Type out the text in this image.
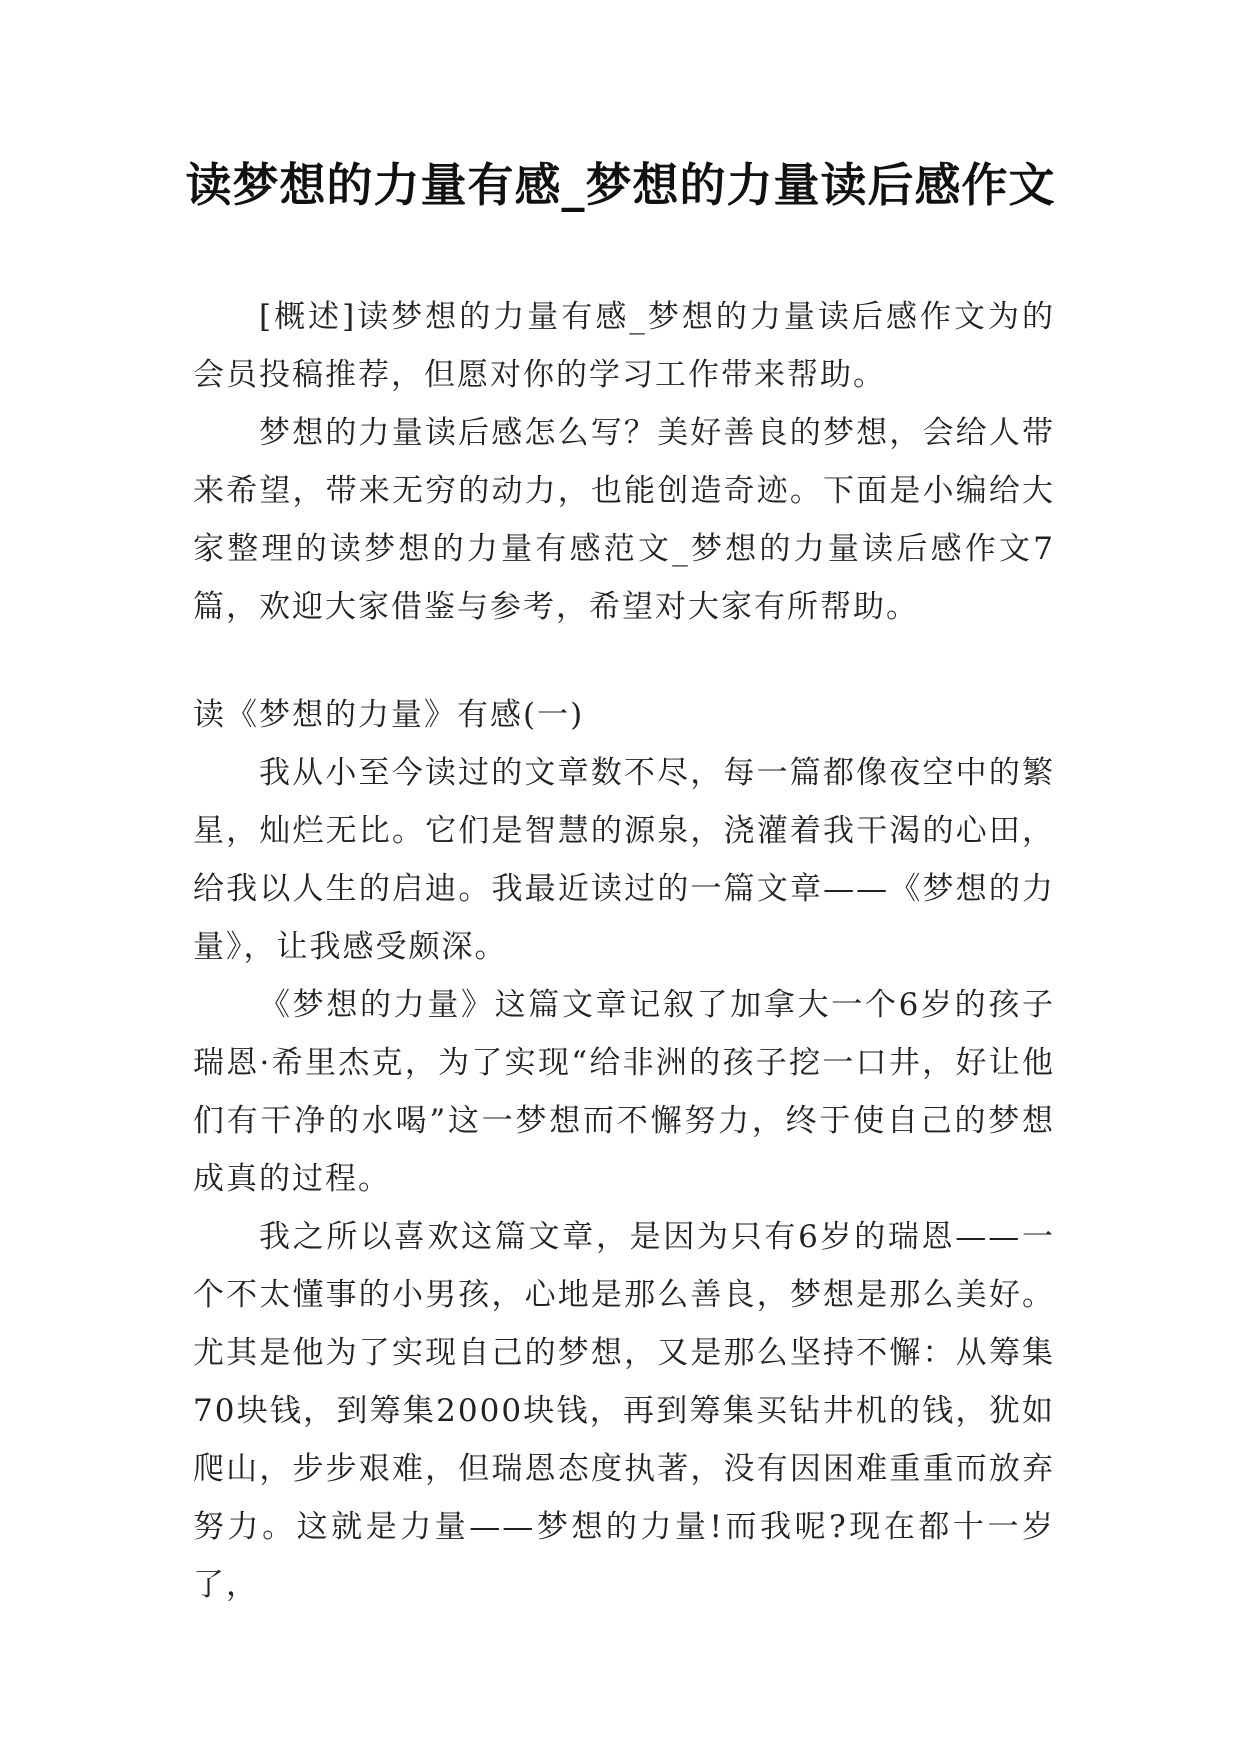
读梦想的力量有感_梦想的力量读后感作文

[概述]读梦想的力量有感_梦想的力量读后感作文为的会员投稿推荐，但愿对你的学习工作带来帮助。

梦想的力量读后感怎么写？美好善良的梦想，会给人带来希望，带来无穷的动力，也能创造奇迹。下面是小编给大家整理的读梦想的力量有感范文_梦想的力量读后感作文7篇，欢迎大家借鉴与参考，希望对大家有所帮助。

读《梦想的力量》有感(一)

我从小至今读过的文章数不尽，每一篇都像夜空中的繁星，灿烂无比。它们是智慧的源泉，浇灌着我干渴的心田，给我以人生的启迪。我最近读过的一篇文章——《梦想的力量》，让我感受颇深。

《梦想的力量》这篇文章记叙了加拿大一个6岁的孩子瑞恩·希里杰克，为了实现“给非洲的孩子挖一口井，好让他们有干净的水喝”这一梦想而不懈努力，终于使自己的梦想成真的过程。

我之所以喜欢这篇文章，是因为只有6岁的瑞恩——一个不太懂事的小男孩，心地是那么善良，梦想是那么美好。尤其是他为了实现自己的梦想，又是那么坚持不懈：从筹集70块钱，到筹集2000块钱，再到筹集买钻井机的钱，犹如爬山，步步艰难，但瑞恩态度执著，没有因困难重重而放弃努力。这就是力量——梦想的力量!而我呢?现在都十一岁了，
